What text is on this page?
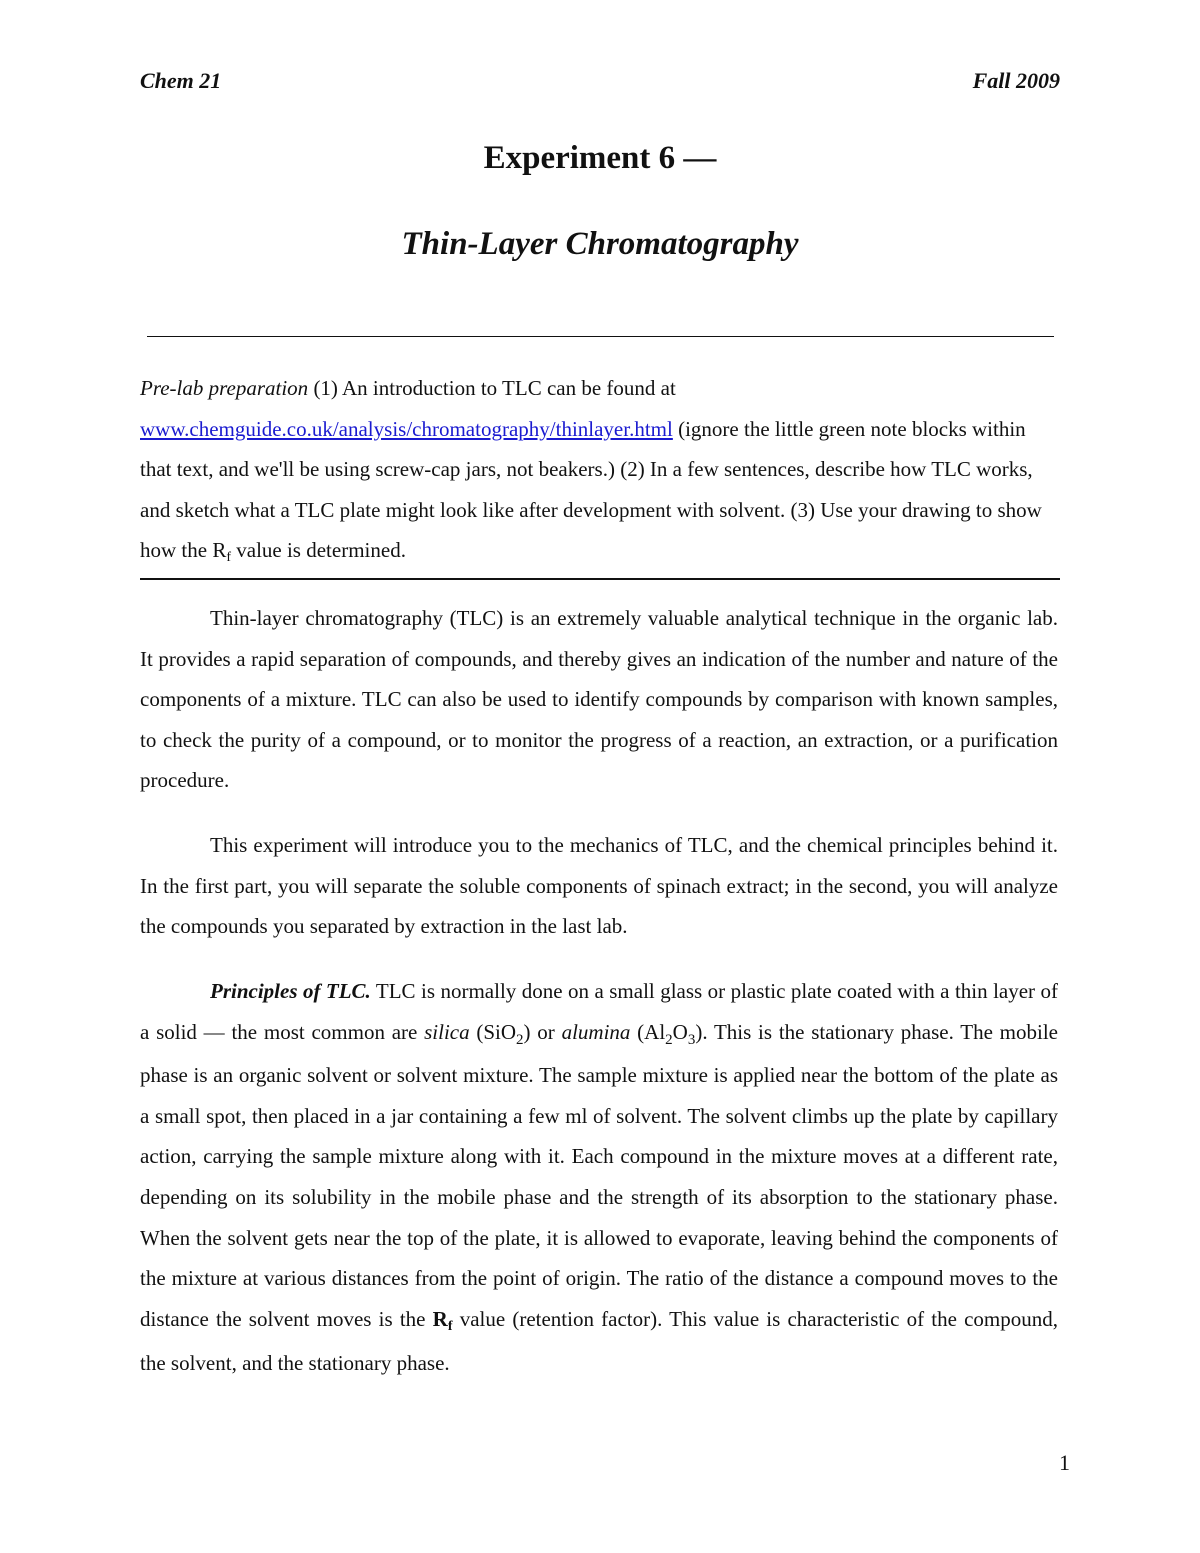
Chem 21	Fall 2009
Experiment 6 —
Thin-Layer Chromatography
Pre-lab preparation (1) An introduction to TLC can be found at
www.chemguide.co.uk/analysis/chromatography/thinlayer.html (ignore the little green note blocks within that text, and we'll be using screw-cap jars, not beakers.) (2) In a few sentences, describe how TLC works, and sketch what a TLC plate might look like after development with solvent. (3) Use your drawing to show how the Rf value is determined.

Thin-layer chromatography (TLC) is an extremely valuable analytical technique in the organic lab. It provides a rapid separation of compounds, and thereby gives an indication of the number and nature of the components of a mixture. TLC can also be used to identify compounds by comparison with known samples, to check the purity of a compound, or to monitor the progress of a reaction, an extraction, or a purification procedure.

This experiment will introduce you to the mechanics of TLC, and the chemical principles behind it. In the first part, you will separate the soluble components of spinach extract; in the second, you will analyze the compounds you separated by extraction in the last lab.

Principles of TLC. TLC is normally done on a small glass or plastic plate coated with a thin layer of a solid — the most common are silica (SiO$_2$) or alumina $(Al_2O_3)$. This is the stationary phase. The mobile phase is an organic solvent or solvent mixture. The sample mixture is applied near the bottom of the plate as a small spot, then placed in a jar containing a few ml of solvent. The solvent climbs up the plate by capillary action, carrying the sample mixture along with it. Each compound in the mixture moves at a different rate, depending on its solubility in the mobile phase and the strength of its absorption to the stationary phase. When the solvent gets near the top of the plate, it is allowed to evaporate, leaving behind the components of the mixture at various distances from the point of origin. The ratio of the distance a compound moves to the distance the solvent moves is the Rf value (retention factor). This value is characteristic of the compound, the solvent, and the stationary phase.

1
